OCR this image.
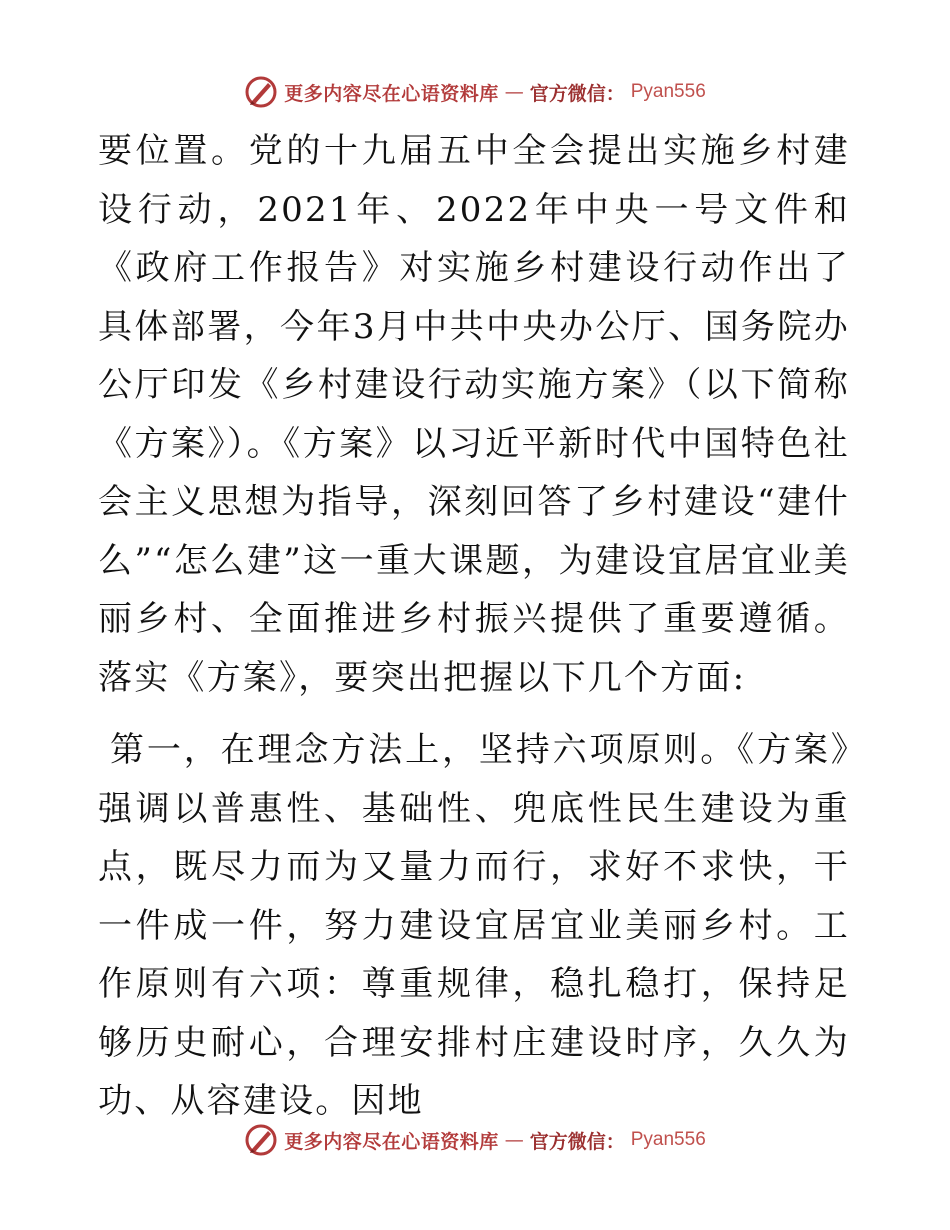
更多内容尽在心语资料库 — 官方微信： Pyan556

要位置。党的十九届五中全会提出实施乡村建设行动，2021年、2022年中央一号文件和《政府工作报告》对实施乡村建设行动作出了具体部署，今年3月中共中央办公厅、国务院办公厅印发《乡村建设行动实施方案》（以下简称《方案》）。《方案》以习近平新时代中国特色社会主义思想为指导，深刻回答了乡村建设“建什么”“怎么建”这一重大课题，为建设宜居宜业美丽乡村、全面推进乡村振兴提供了重要遵循。落实《方案》，要突出把握以下几个方面:

第一，在理念方法上，坚持六项原则。《方案》强调以普惠性、基础性、兜底性民生建设为重点，既尽力而为又量力而行，求好不求快，干一件成一件，努力建设宜居宜业美丽乡村。工作原则有六项：尊重规律，稳扎稳打，保持足够历史耐心，合理安排村庄建设时序，久久为功、从容建设。因地

更多内容尽在心语资料库 — 官方微信： Pyan556
